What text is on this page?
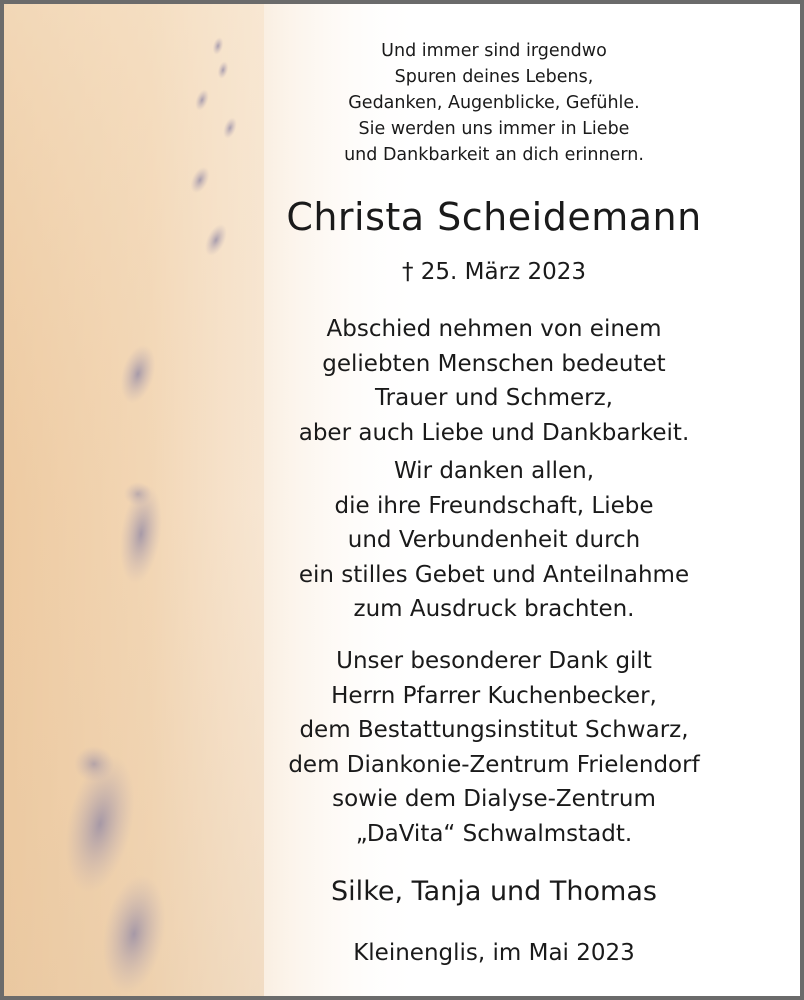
Und immer sind irgendwo
Spuren deines Lebens,
Gedanken, Augenblicke, Gefühle.
Sie werden uns immer in Liebe
und Dankbarkeit an dich erinnern.
Christa Scheidemann
† 25. März 2023
Abschied nehmen von einem
geliebten Menschen bedeutet
Trauer und Schmerz,
aber auch Liebe und Dankbarkeit.
Wir danken allen,
die ihre Freundschaft, Liebe
und Verbundenheit durch
ein stilles Gebet und Anteilnahme
zum Ausdruck brachten.
Unser besonderer Dank gilt
Herrn Pfarrer Kuchenbecker,
dem Bestattungsinstitut Schwarz,
dem Diankonie-Zentrum Frielendorf
sowie dem Dialyse-Zentrum
„DaVita“ Schwalmstadt.
Silke, Tanja und Thomas
Kleinenglis, im Mai 2023
